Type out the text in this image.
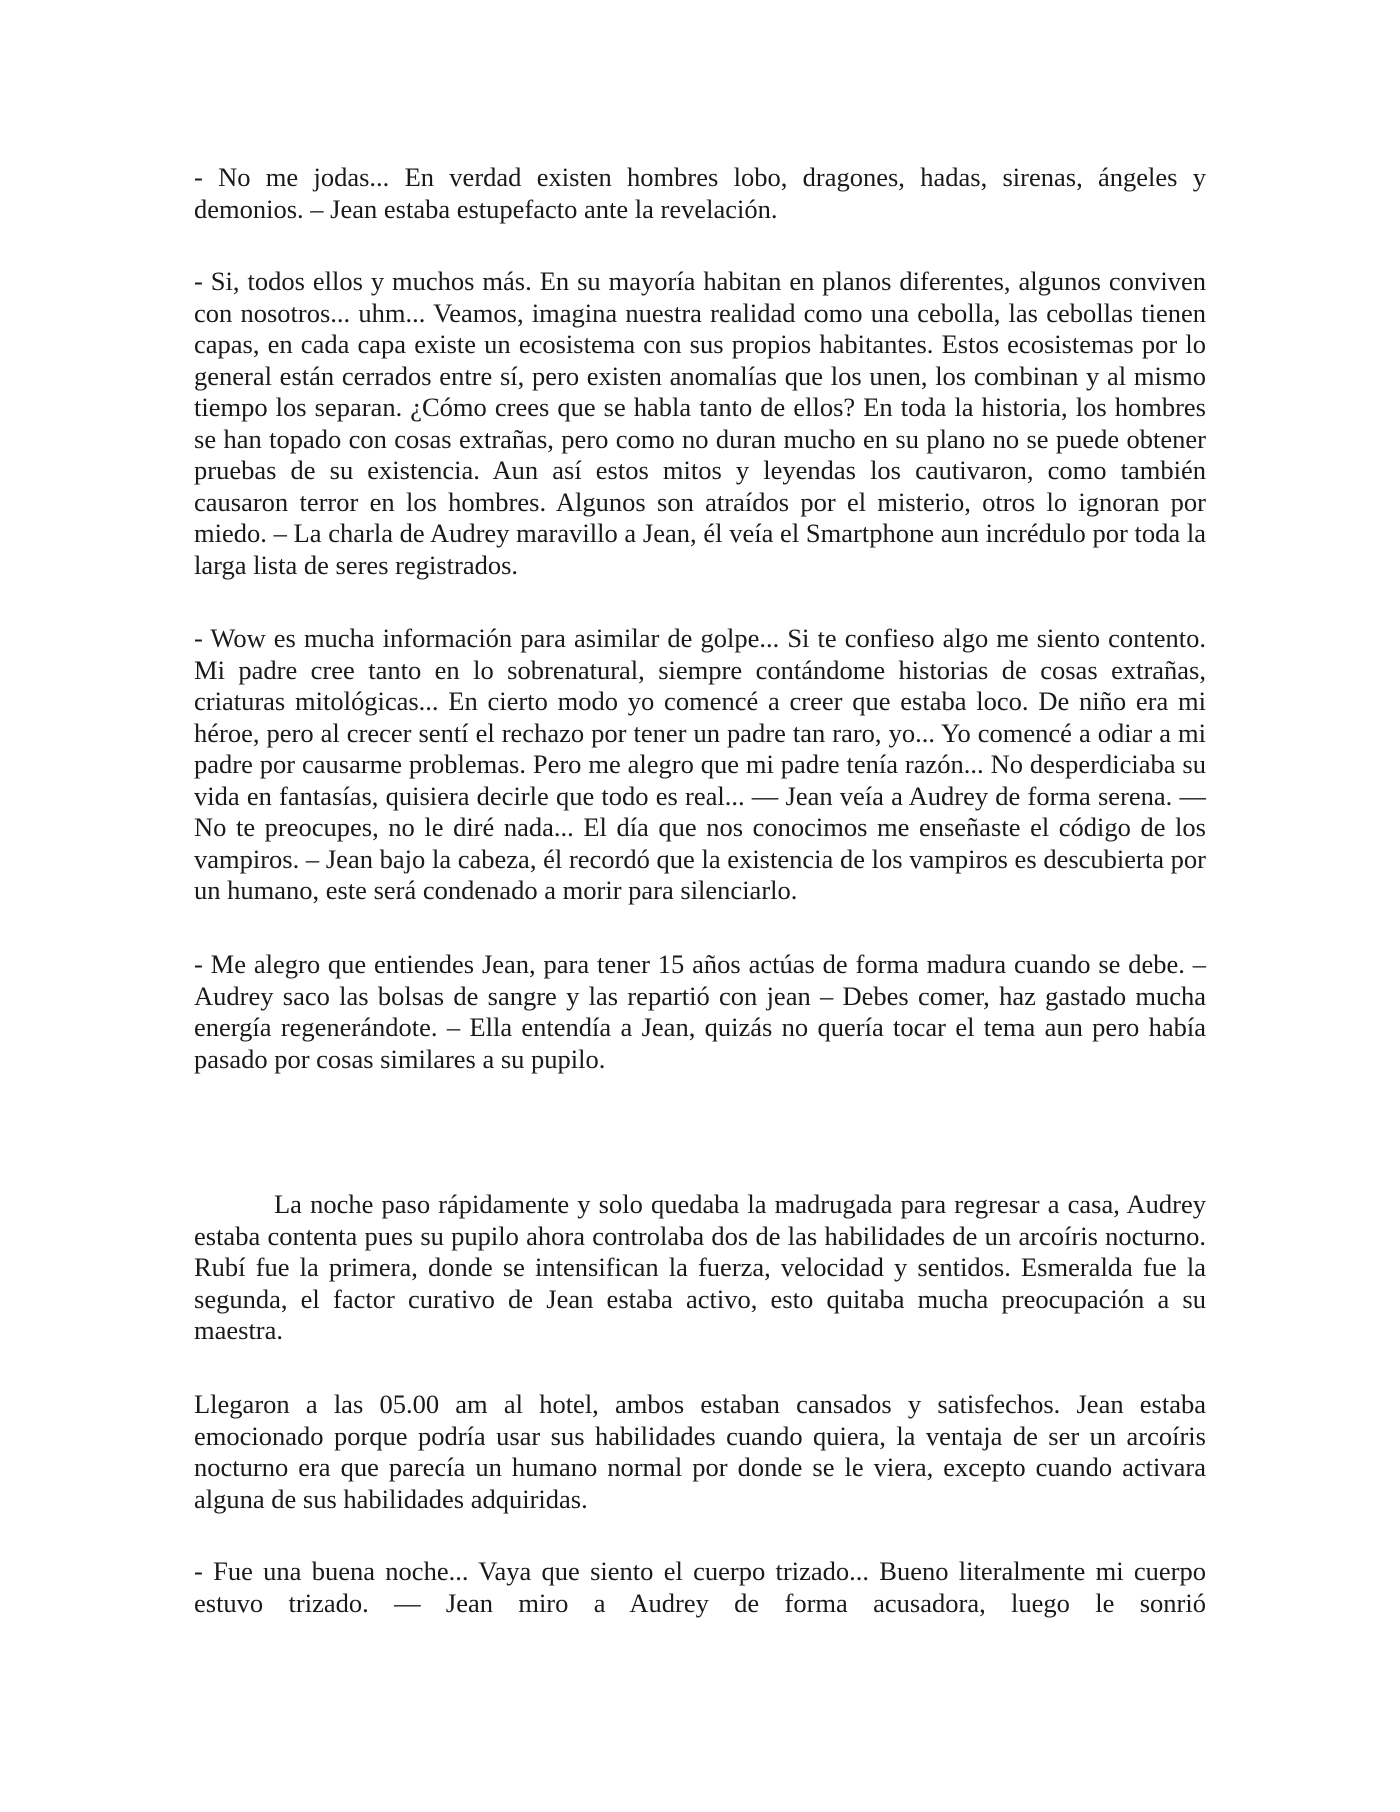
- No me jodas... En verdad existen hombres lobo, dragones, hadas, sirenas, ángeles y demonios. – Jean estaba estupefacto ante la revelación.

- Si, todos ellos y muchos más. En su mayoría habitan en planos diferentes, algunos conviven con nosotros... uhm... Veamos, imagina nuestra realidad como una cebolla, las cebollas tienen capas, en cada capa existe un ecosistema con sus propios habitantes. Estos ecosistemas por lo general están cerrados entre sí, pero existen anomalías que los unen, los combinan y al mismo tiempo los separan. ¿Cómo crees que se habla tanto de ellos? En toda la historia, los hombres se han topado con cosas extrañas, pero como no duran mucho en su plano no se puede obtener pruebas de su existencia. Aun así estos mitos y leyendas los cautivaron, como también causaron terror en los hombres. Algunos son atraídos por el misterio, otros lo ignoran por miedo. – La charla de Audrey maravillo a Jean, él veía el Smartphone aun incrédulo por toda la larga lista de seres registrados.

- Wow es mucha información para asimilar de golpe... Si te confieso algo me siento contento. Mi padre cree tanto en lo sobrenatural, siempre contándome historias de cosas extrañas, criaturas mitológicas... En cierto modo yo comencé a creer que estaba loco. De niño era mi héroe, pero al crecer sentí el rechazo por tener un padre tan raro, yo... Yo comencé a odiar a mi padre por causarme problemas. Pero me alegro que mi padre tenía razón... No desperdiciaba su vida en fantasías, quisiera decirle que todo es real... — Jean veía a Audrey de forma serena. — No te preocupes, no le diré nada... El día que nos conocimos me enseñaste el código de los vampiros. – Jean bajo la cabeza, él recordó que la existencia de los vampiros es descubierta por un humano, este será condenado a morir para silenciarlo.

- Me alegro que entiendes Jean, para tener 15 años actúas de forma madura cuando se debe. – Audrey saco las bolsas de sangre y las repartió con jean – Debes comer, haz gastado mucha energía regenerándote. – Ella entendía a Jean, quizás no quería tocar el tema aun pero había pasado por cosas similares a su pupilo.

La noche paso rápidamente y solo quedaba la madrugada para regresar a casa, Audrey estaba contenta pues su pupilo ahora controlaba dos de las habilidades de un arcoíris nocturno. Rubí fue la primera, donde se intensifican la fuerza, velocidad y sentidos. Esmeralda fue la segunda, el factor curativo de Jean estaba activo, esto quitaba mucha preocupación a su maestra.

Llegaron a las 05.00 am al hotel, ambos estaban cansados y satisfechos. Jean estaba emocionado porque podría usar sus habilidades cuando quiera, la ventaja de ser un arcoíris nocturno era que parecía un humano normal por donde se le viera, excepto cuando activara alguna de sus habilidades adquiridas.

- Fue una buena noche... Vaya que siento el cuerpo trizado... Bueno literalmente mi cuerpo estuvo trizado. — Jean miro a Audrey de forma acusadora, luego le sonrió
